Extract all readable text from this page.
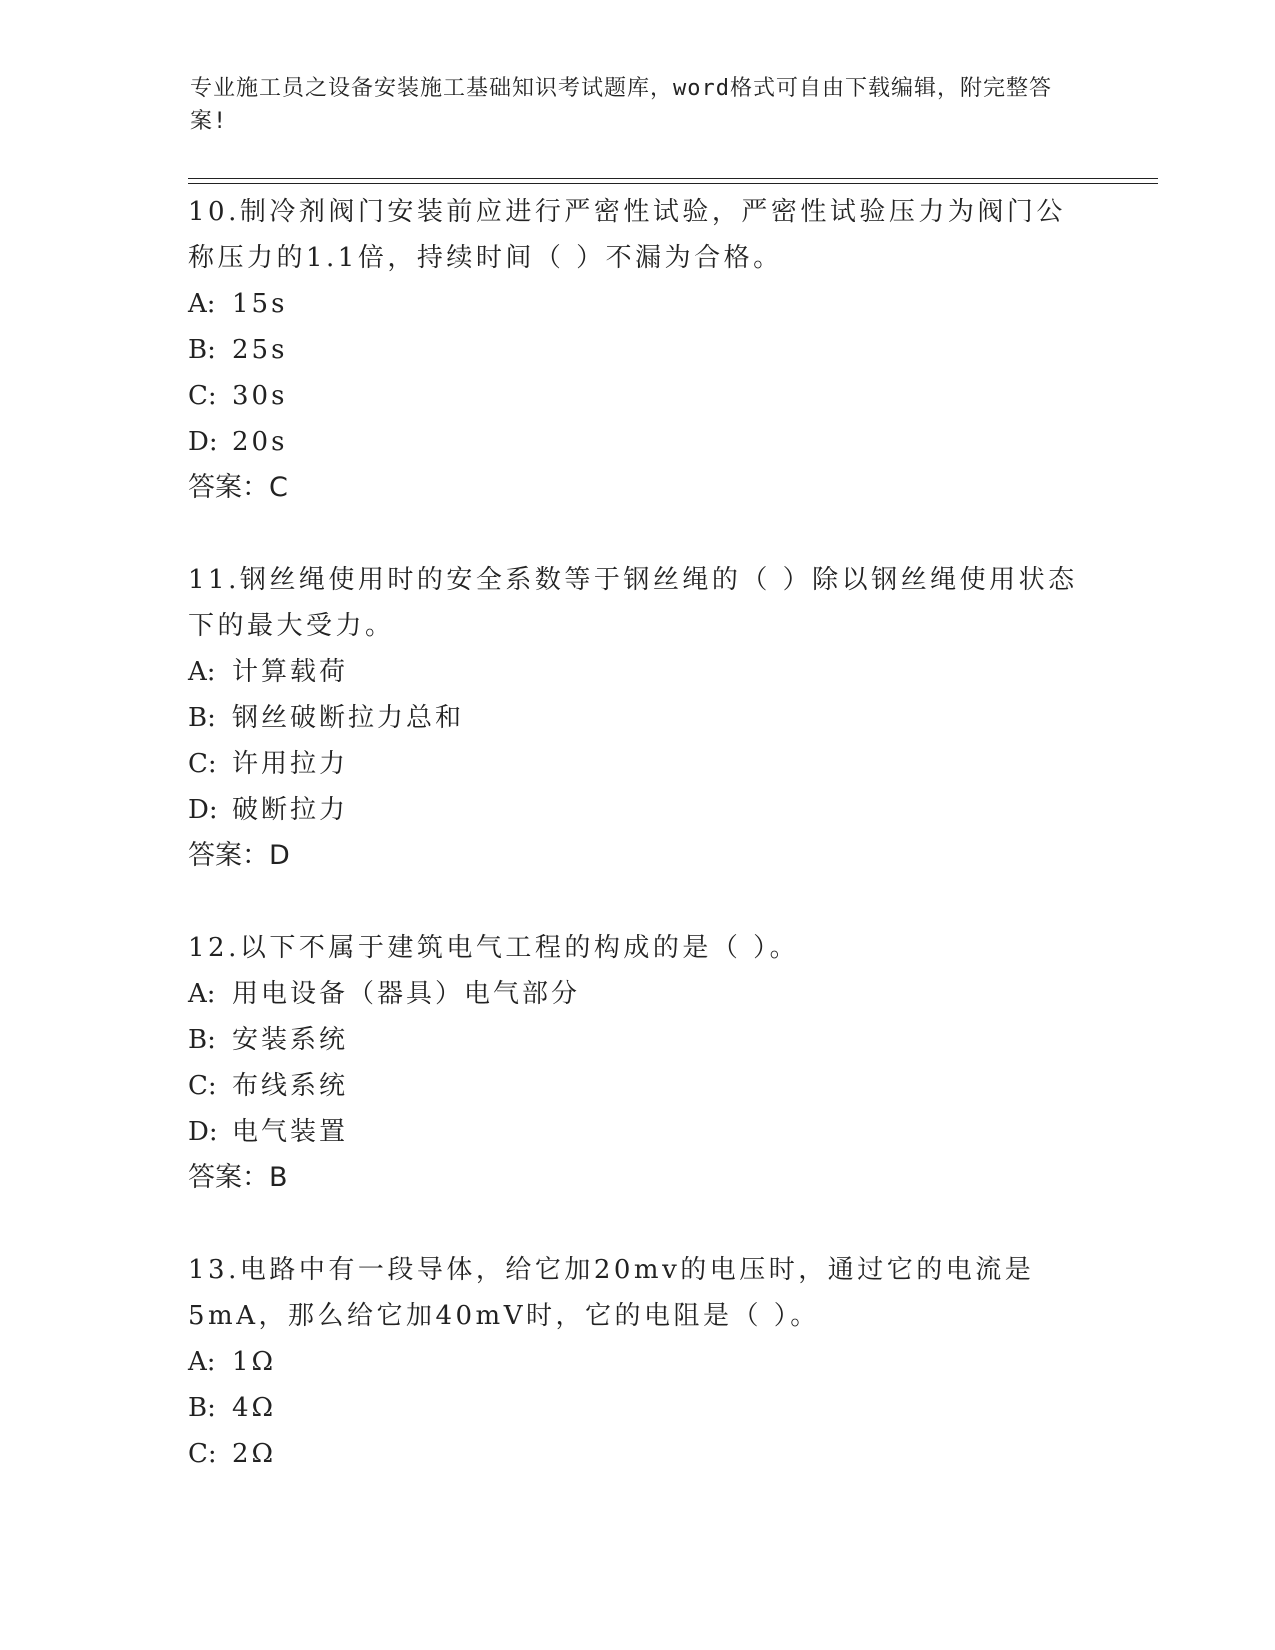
专业施工员之设备安装施工基础知识考试题库，word格式可自由下载编辑，附完整答案!
10.制冷剂阀门安装前应进行严密性试验，严密性试验压力为阀门公称压力的1.1倍，持续时间（ ）不漏为合格。
A: 15s
B: 25s
C: 30s
D: 20s
答案：C
11.钢丝绳使用时的安全系数等于钢丝绳的（ ）除以钢丝绳使用状态下的最大受力。
A: 计算载荷
B: 钢丝破断拉力总和
C: 许用拉力
D: 破断拉力
答案：D
12.以下不属于建筑电气工程的构成的是（ ）。
A: 用电设备（器具）电气部分
B: 安装系统
C: 布线系统
D: 电气装置
答案：B
13.电路中有一段导体，给它加20mv的电压时，通过它的电流是5mA，那么给它加40mV时，它的电阻是（ ）。
A: 1Ω
B: 4Ω
C: 2Ω
